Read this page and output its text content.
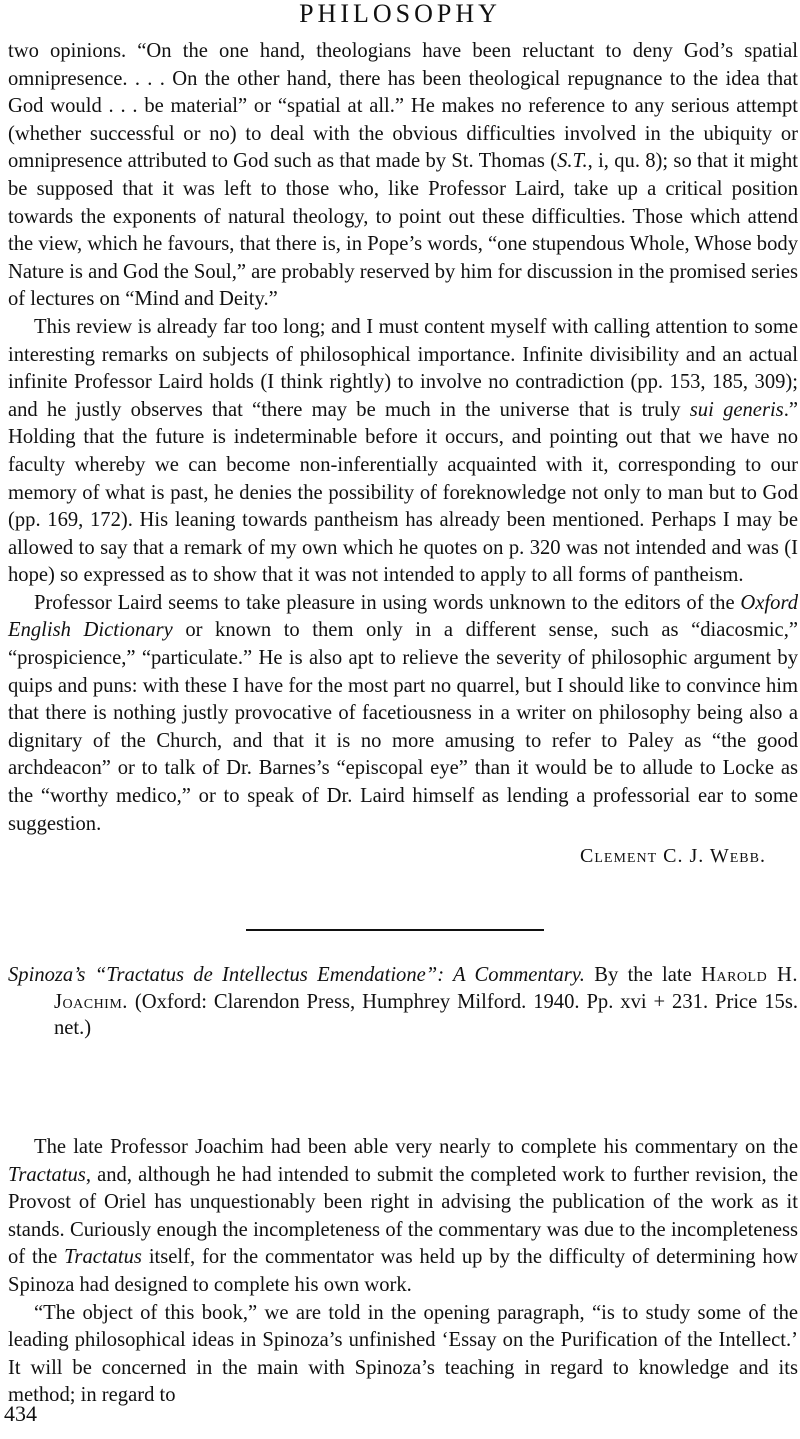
PHILOSOPHY

two opinions. “On the one hand, theologians have been reluctant to deny God’s spatial omnipresence. . . . On the other hand, there has been theological repugnance to the idea that God would . . . be material” or “spatial at all.” He makes no reference to any serious attempt (whether successful or no) to deal with the obvious difficulties involved in the ubiquity or omnipresence attributed to God such as that made by St. Thomas (S.T., i, qu. 8); so that it might be supposed that it was left to those who, like Professor Laird, take up a critical position towards the exponents of natural theology, to point out these difficulties. Those which attend the view, which he favours, that there is, in Pope’s words, “one stupendous Whole, Whose body Nature is and God the Soul,” are probably reserved by him for discussion in the promised series of lectures on “Mind and Deity.”

This review is already far too long; and I must content myself with calling attention to some interesting remarks on subjects of philosophical importance. Infinite divisibility and an actual infinite Professor Laird holds (I think rightly) to involve no contradiction (pp. 153, 185, 309); and he justly observes that “there may be much in the universe that is truly sui generis.” Holding that the future is indeterminable before it occurs, and pointing out that we have no faculty whereby we can become non-inferentially acquainted with it, corresponding to our memory of what is past, he denies the possibility of foreknowledge not only to man but to God (pp. 169, 172). His leaning towards pantheism has already been mentioned. Perhaps I may be allowed to say that a remark of my own which he quotes on p. 320 was not intended and was (I hope) so expressed as to show that it was not intended to apply to all forms of pantheism.

Professor Laird seems to take pleasure in using words unknown to the editors of the Oxford English Dictionary or known to them only in a different sense, such as “diacosmic,” “prospicience,” “particulate.” He is also apt to relieve the severity of philosophic argument by quips and puns: with these I have for the most part no quarrel, but I should like to convince him that there is nothing justly provocative of facetiousness in a writer on philosophy being also a dignitary of the Church, and that it is no more amusing to refer to Paley as “the good archdeacon” or to talk of Dr. Barnes’s “episcopal eye” than it would be to allude to Locke as the “worthy medico,” or to speak of Dr. Laird himself as lending a professorial ear to some suggestion.

Clement C. J. Webb.
Spinoza’s “Tractatus de Intellectus Emendatione”: A Commentary. By the late Harold H. Joachim. (Oxford: Clarendon Press, Humphrey Milford. 1940. Pp. xvi + 231. Price 15s. net.)

The late Professor Joachim had been able very nearly to complete his commentary on the Tractatus, and, although he had intended to submit the completed work to further revision, the Provost of Oriel has unquestionably been right in advising the publication of the work as it stands. Curiously enough the incompleteness of the commentary was due to the incompleteness of the Tractatus itself, for the commentator was held up by the difficulty of determining how Spinoza had designed to complete his own work.

“The object of this book,” we are told in the opening paragraph, “is to study some of the leading philosophical ideas in Spinoza’s unfinished ‘Essay on the Purification of the Intellect.’ It will be concerned in the main with Spinoza’s teaching in regard to knowledge and its method; in regard to

434
